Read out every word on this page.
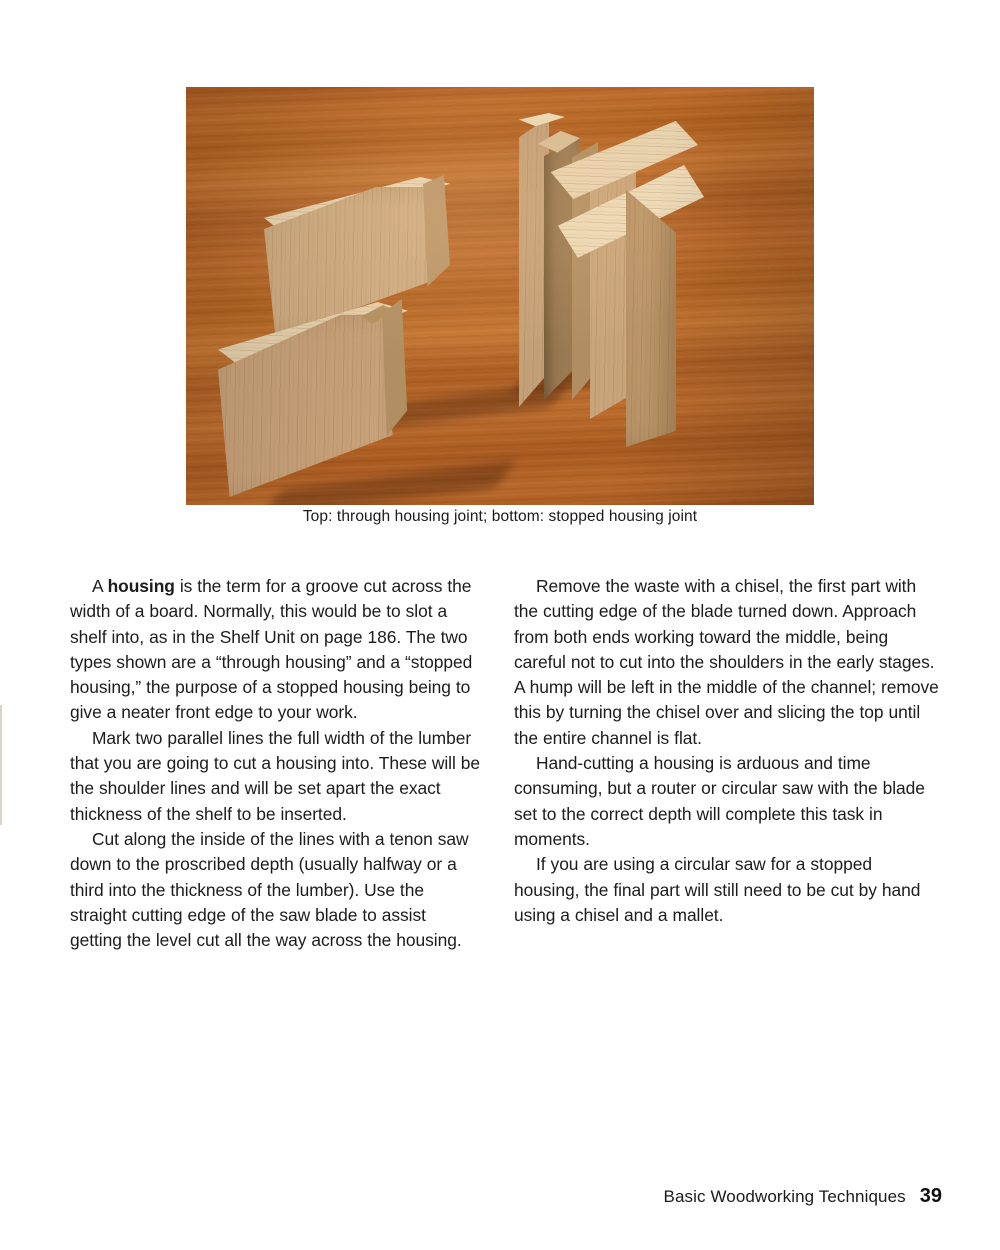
Top: through housing joint; bottom: stopped housing joint

A housing is the term for a groove cut across the width of a board. Normally, this would be to slot a shelf into, as in the Shelf Unit on page 186. The two types shown are a “through housing” and a “stopped housing,” the purpose of a stopped housing being to give a neater front edge to your work.

Mark two parallel lines the full width of the lumber that you are going to cut a housing into. These will be the shoulder lines and will be set apart the exact thickness of the shelf to be inserted.

Cut along the inside of the lines with a tenon saw down to the proscribed depth (usually halfway or a third into the thickness of the lumber). Use the straight cutting edge of the saw blade to assist getting the level cut all the way across the housing.

Remove the waste with a chisel, the first part with the cutting edge of the blade turned down. Approach from both ends working toward the middle, being careful not to cut into the shoulders in the early stages. A hump will be left in the middle of the channel; remove this by turning the chisel over and slicing the top until the entire channel is flat.

Hand-cutting a housing is arduous and time consuming, but a router or circular saw with the blade set to the correct depth will complete this task in moments.

If you are using a circular saw for a stopped housing, the final part will still need to be cut by hand using a chisel and a mallet.

Basic Woodworking Techniques 39
